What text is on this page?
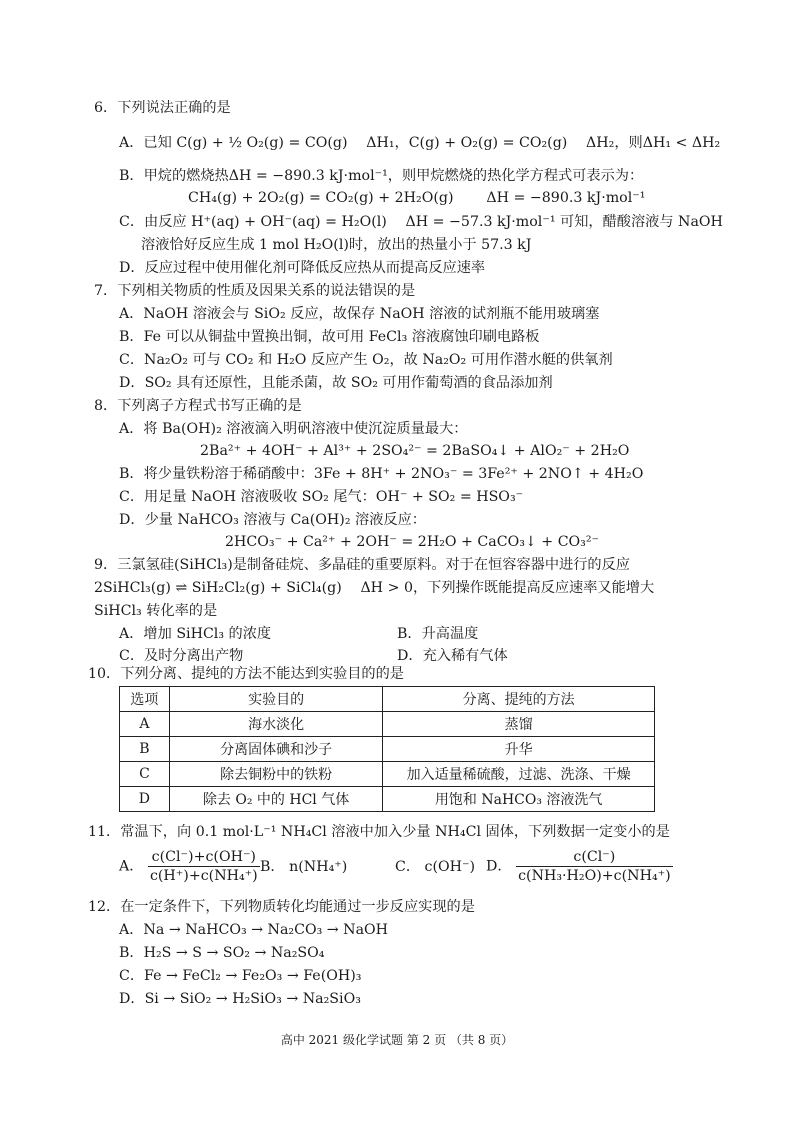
6．下列说法正确的是
A．已知 C(g) + ½ O₂(g) = CO(g)　 ΔH₁，C(g) + O₂(g) = CO₂(g)　 ΔH₂，则ΔH₁ < ΔH₂
B．甲烷的燃烧热ΔH = −890.3 kJ·mol⁻¹，则甲烷燃烧的热化学方程式可表示为：
CH₄(g) + 2O₂(g) = CO₂(g) + 2H₂O(g)　　 ΔH = −890.3 kJ·mol⁻¹
C．由反应 H⁺(aq) + OH⁻(aq) = H₂O(l)　 ΔH = −57.3 kJ·mol⁻¹ 可知，醋酸溶液与 NaOH
溶液恰好反应生成 1 mol H₂O(l)时，放出的热量小于 57.3 kJ
D．反应过程中使用催化剂可降低反应热从而提高反应速率
7．下列相关物质的性质及因果关系的说法错误的是
A．NaOH 溶液会与 SiO₂ 反应，故保存 NaOH 溶液的试剂瓶不能用玻璃塞
B．Fe 可以从铜盐中置换出铜，故可用 FeCl₃ 溶液腐蚀印刷电路板
C．Na₂O₂ 可与 CO₂ 和 H₂O 反应产生 O₂，故 Na₂O₂ 可用作潜水艇的供氧剂
D．SO₂ 具有还原性，且能杀菌，故 SO₂ 可用作葡萄酒的食品添加剂
8．下列离子方程式书写正确的是
A．将 Ba(OH)₂ 溶液滴入明矾溶液中使沉淀质量最大：
2Ba²⁺ + 4OH⁻ + Al³⁺ + 2SO₄²⁻ = 2BaSO₄↓ + AlO₂⁻ + 2H₂O
B．将少量铁粉溶于稀硝酸中：3Fe + 8H⁺ + 2NO₃⁻ = 3Fe²⁺ + 2NO↑ + 4H₂O
C．用足量 NaOH 溶液吸收 SO₂ 尾气：OH⁻ + SO₂ = HSO₃⁻
D．少量 NaHCO₃ 溶液与 Ca(OH)₂ 溶液反应：
2HCO₃⁻ + Ca²⁺ + 2OH⁻ = 2H₂O + CaCO₃↓ + CO₃²⁻
9．三氯氢硅(SiHCl₃)是制备硅烷、多晶硅的重要原料。对于在恒容容器中进行的反应
2SiHCl₃(g) ⇌ SiH₂Cl₂(g) + SiCl₄(g)　 ΔH > 0，下列操作既能提高反应速率又能增大
SiHCl₃ 转化率的是
A．增加 SiHCl₃ 的浓度	B．升高温度
C．及时分离出产物	D．充入稀有气体
10．下列分离、提纯的方法不能达到实验目的的是
选项	实验目的	分离、提纯的方法
A	海水淡化	蒸馏
B	分离固体碘和沙子	升华
C	除去铜粉中的铁粉	加入适量稀硫酸，过滤、洗涤、干燥
D	除去 O₂ 中的 HCl 气体	用饱和 NaHCO₃ 溶液洗气
11．常温下，向 0.1 mol·L⁻¹ NH₄Cl 溶液中加入少量 NH₄Cl 固体，下列数据一定变小的是
A． $\frac{c(Cl^-)+c(OH^-)}{\text{c(H⁺)+c(NH₄⁺)}}$ B． n(NH₄⁺)	C． c(OH⁻) D． $\frac{c(Cl^-)}{\text{c(NH₃·H₂O)+c(NH₄⁺)}}$
12．在一定条件下，下列物质转化均能通过一步反应实现的是
A．Na → NaHCO₃ → Na₂CO₃ → NaOH
B．H₂S → S → SO₂ → Na₂SO₄
C．Fe → FeCl₂ → Fe₂O₃ → Fe(OH)₃
D．Si → SiO₂ → H₂SiO₃ → Na₂SiO₃
高中 2021 级化学试题 第 2 页 （共 8 页）
